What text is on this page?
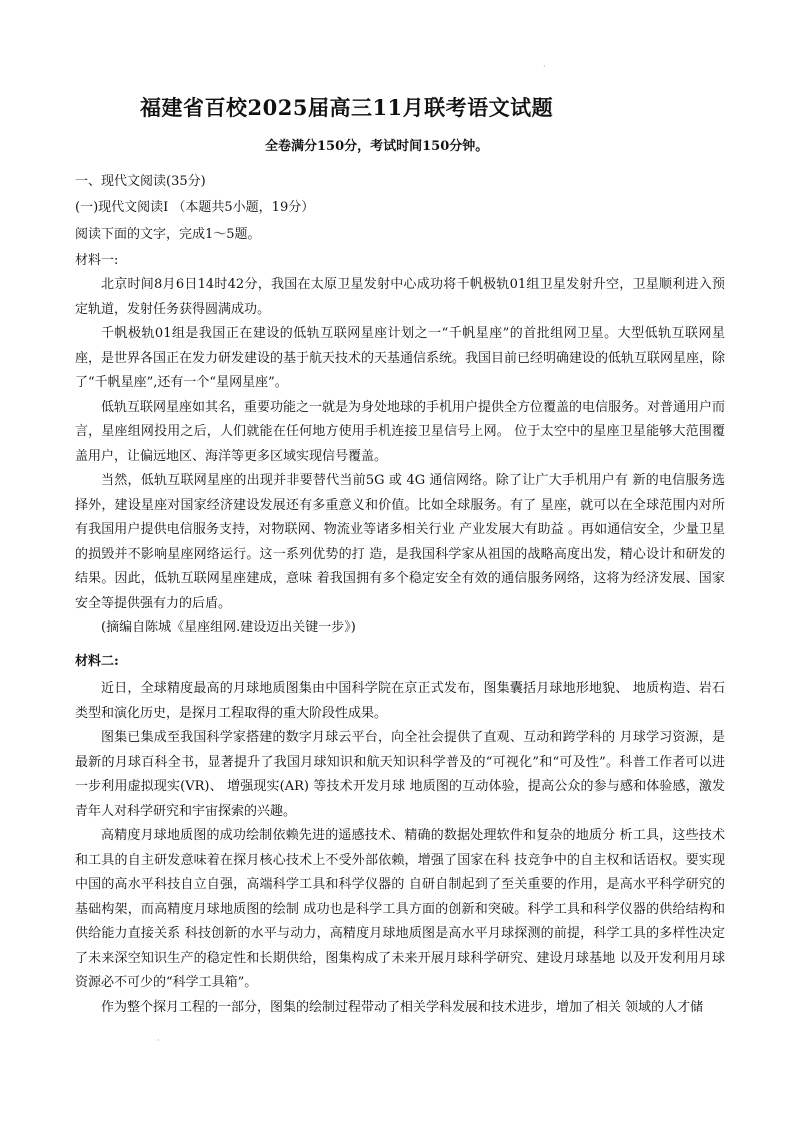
·
·
福建省百校2025届高三11月联考语文试题
全卷满分150分，考试时间150分钟。
一、现代文阅读(35分)
(一)现代文阅读Ⅰ （本题共5小题，19分）
阅读下面的文字，完成1～5题。
材料一:

北京时间8月6日14时42分，我国在太原卫星发射中心成功将千帆极轨01组卫星发射升空，卫星顺利进入预定轨道，发射任务获得圆满成功。

千帆极轨01组是我国正在建设的低轨互联网星座计划之一“千帆星座”的首批组网卫星。大型低轨互联网星座，是世界各国正在发力研发建设的基于航天技术的天基通信系统。我国目前已经明确建设的低轨互联网星座，除了“千帆星座”,还有一个“星网星座”。

低轨互联网星座如其名，重要功能之一就是为身处地球的手机用户提供全方位覆盖的电信服务。对普通用户而言，星座组网投用之后，人们就能在任何地方使用手机连接卫星信号上网。 位于太空中的星座卫星能够大范围覆盖用户，让偏远地区、海洋等更多区域实现信号覆盖。

当然，低轨互联网星座的出现并非要替代当前5G 或 4G 通信网络。除了让广大手机用户有 新的电信服务选择外，建设星座对国家经济建设发展还有多重意义和价值。比如全球服务。有了 星座，就可以在全球范围内对所有我国用户提供电信服务支持，对物联网、物流业等诸多相关行业 产业发展大有助益 。再如通信安全，少量卫星的损毁并不影响星座网络运行。这一系列优势的打 造，是我国科学家从祖国的战略高度出发，精心设计和研发的结果。因此，低轨互联网星座建成，意味 着我国拥有多个稳定安全有效的通信服务网络，这将为经济发展、国家安全等提供强有力的后盾。

(摘编自陈城《星座组网.建设迈出关键一步》)

材料二:

近日，全球精度最高的月球地质图集由中国科学院在京正式发布，图集囊括月球地形地貌、 地质构造、岩石类型和演化历史，是探月工程取得的重大阶段性成果。

图集已集成至我国科学家搭建的数字月球云平台，向全社会提供了直观、互动和跨学科的 月球学习资源，是最新的月球百科全书，显著提升了我国月球知识和航天知识科学普及的“可视化”和“可及性”。科普工作者可以进一步利用虚拟现实(VR)、 增强现实(AR) 等技术开发月球 地质图的互动体验，提高公众的参与感和体验感，激发青年人对科学研究和宇宙探索的兴趣。

高精度月球地质图的成功绘制依赖先进的遥感技术、精确的数据处理软件和复杂的地质分 析工具，这些技术和工具的自主研发意味着在探月核心技术上不受外部依赖，增强了国家在科 技竞争中的自主权和话语权。要实现中国的高水平科技自立自强，高端科学工具和科学仪器的 自研自制起到了至关重要的作用，是高水平科学研究的基础构架，而高精度月球地质图的绘制 成功也是科学工具方面的创新和突破。科学工具和科学仪器的供给结构和供给能力直接关系 科技创新的水平与动力，高精度月球地质图是高水平月球探测的前提，科学工具的多样性决定 了未来深空知识生产的稳定性和长期供给，图集构成了未来开展月球科学研究、建设月球基地 以及开发利用月球资源必不可少的“科学工具箱”。

作为整个探月工程的一部分，图集的绘制过程带动了相关学科发展和技术进步，增加了相关 领域的人才储
